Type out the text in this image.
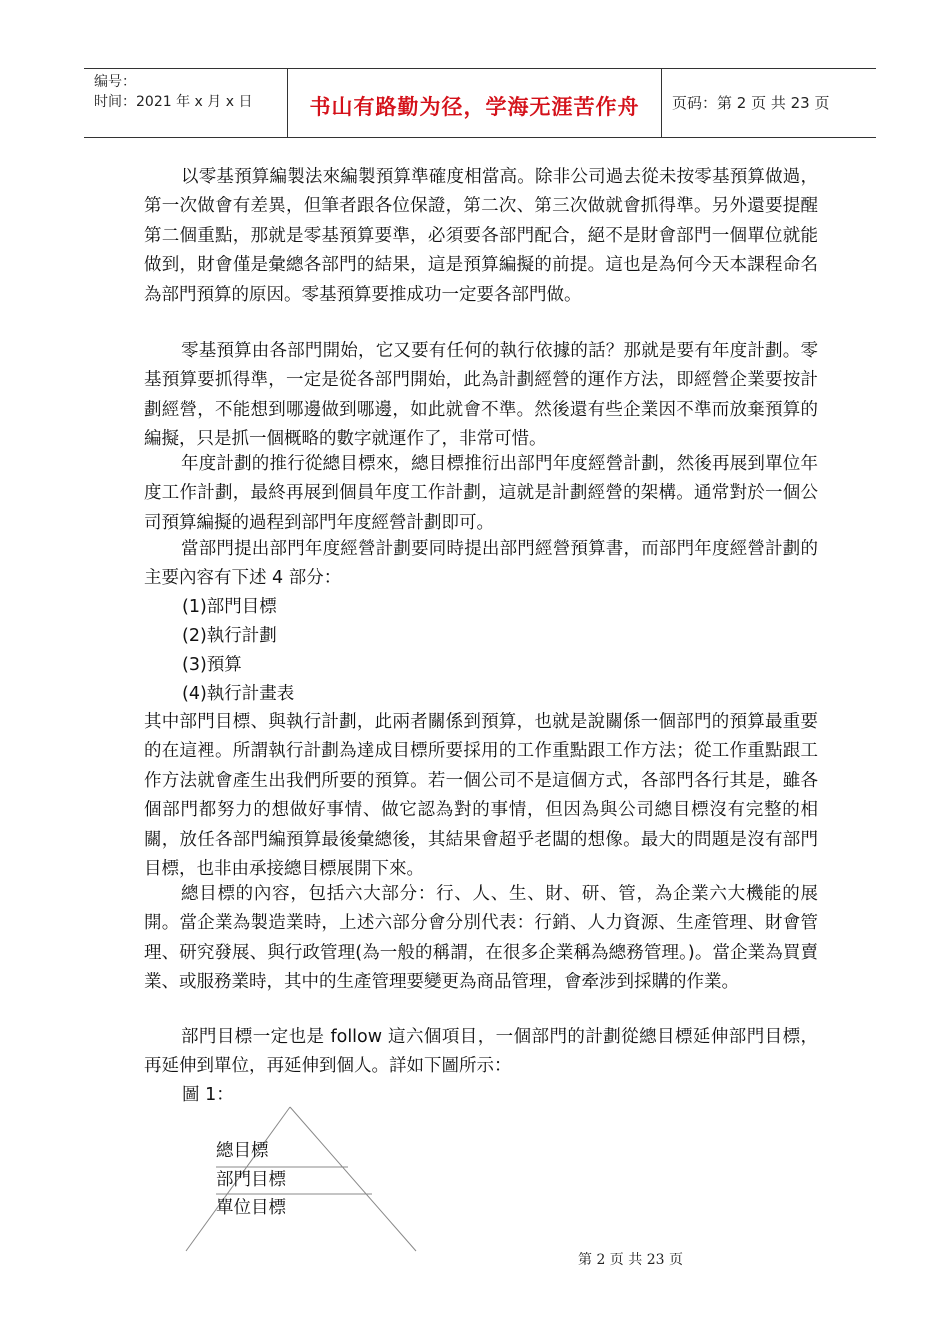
编号：
时间：2021 年 x 月 x 日	书山有路勤为径，学海无涯苦作舟	页码：第 2 页 共 23 页

以零基預算編製法來編製預算準確度相當高。除非公司過去從未按零基預算做過，第一次做會有差異，但筆者跟各位保證，第二次、第三次做就會抓得準。另外還要提醒第二個重點，那就是零基預算要準，必須要各部門配合，絕不是財會部門一個單位就能做到，財會僅是彙總各部門的結果，這是預算編擬的前提。這也是為何今天本課程命名為部門預算的原因。零基預算要推成功一定要各部門做。

零基預算由各部門開始，它又要有任何的執行依據的話？那就是要有年度計劃。零基預算要抓得準，一定是從各部門開始，此為計劃經營的運作方法，即經營企業要按計劃經營，不能想到哪邊做到哪邊，如此就會不準。然後還有些企業因不準而放棄預算的編擬，只是抓一個概略的數字就運作了，非常可惜。

年度計劃的推行從總目標來，總目標推衍出部門年度經營計劃，然後再展到單位年度工作計劃，最終再展到個員年度工作計劃，這就是計劃經營的架構。通常對於一個公司預算編擬的過程到部門年度經營計劃即可。

當部門提出部門年度經營計劃要同時提出部門經營預算書，而部門年度經營計劃的主要內容有下述 4 部分：

(1)部門目標

(2)執行計劃

(3)預算

(4)執行計畫表

其中部門目標、與執行計劃，此兩者關係到預算，也就是說關係一個部門的預算最重要的在這裡。所謂執行計劃為達成目標所要採用的工作重點跟工作方法；從工作重點跟工作方法就會產生出我們所要的預算。若一個公司不是這個方式，各部門各行其是，雖各個部門都努力的想做好事情、做它認為對的事情，但因為與公司總目標沒有完整的相關，放任各部門編預算最後彙總後，其結果會超乎老闆的想像。最大的問題是沒有部門目標，也非由承接總目標展開下來。

總目標的內容，包括六大部分：行、人、生、財、研、管，為企業六大機能的展開。當企業為製造業時，上述六部分會分別代表：行銷、人力資源、生產管理、財會管理、研究發展、與行政管理(為一般的稱謂，在很多企業稱為總務管理。)。當企業為買賣業、或服務業時，其中的生產管理要變更為商品管理，會牽涉到採購的作業。

部門目標一定也是 follow 這六個項目，一個部門的計劃從總目標延伸部門目標，再延伸到單位，再延伸到個人。詳如下圖所示：

圖 1：
總目標
部門目標
單位目標
第 2 页 共 23 页
